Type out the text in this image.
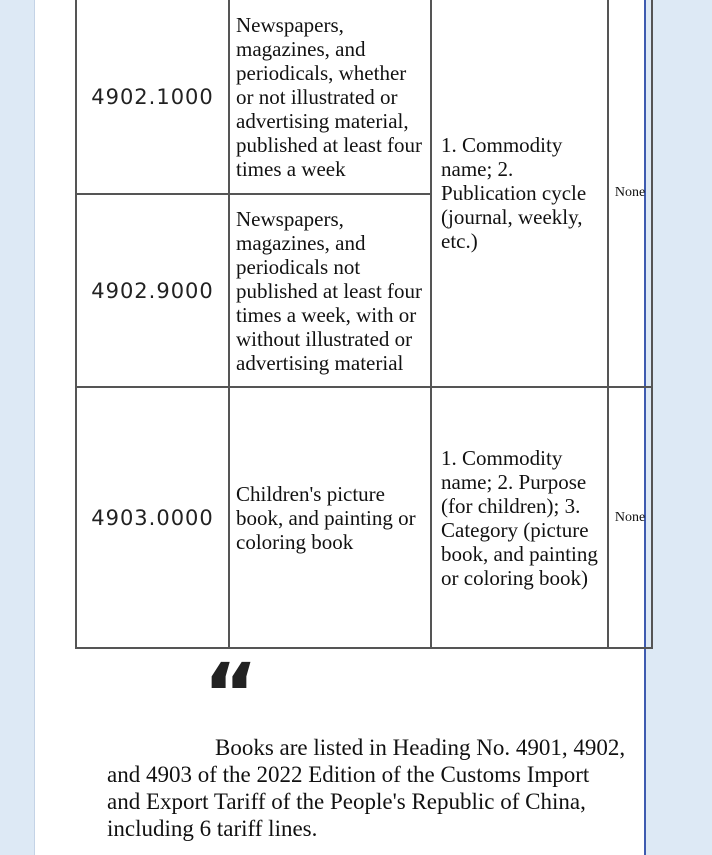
4902.1000	Newspapers, magazines, and periodicals, whether or not illustrated or advertising material, published at least four times a week	1. Commodity name; 2. Publication cycle (journal, weekly, etc.)	None
4902.9000	Newspapers, magazines, and periodicals not published at least four times a week, with or without illustrated or advertising material		

4903.0000	Children's picture book, and painting or coloring book	1. Commodity name; 2. Purpose (for children); 3. Category (picture book, and painting or coloring book)	None
“

Books are listed in Heading No. 4901, 4902, and 4903 of the 2022 Edition of the Customs Import and Export Tariff of the People's Republic of China, including 6 tariff lines.
